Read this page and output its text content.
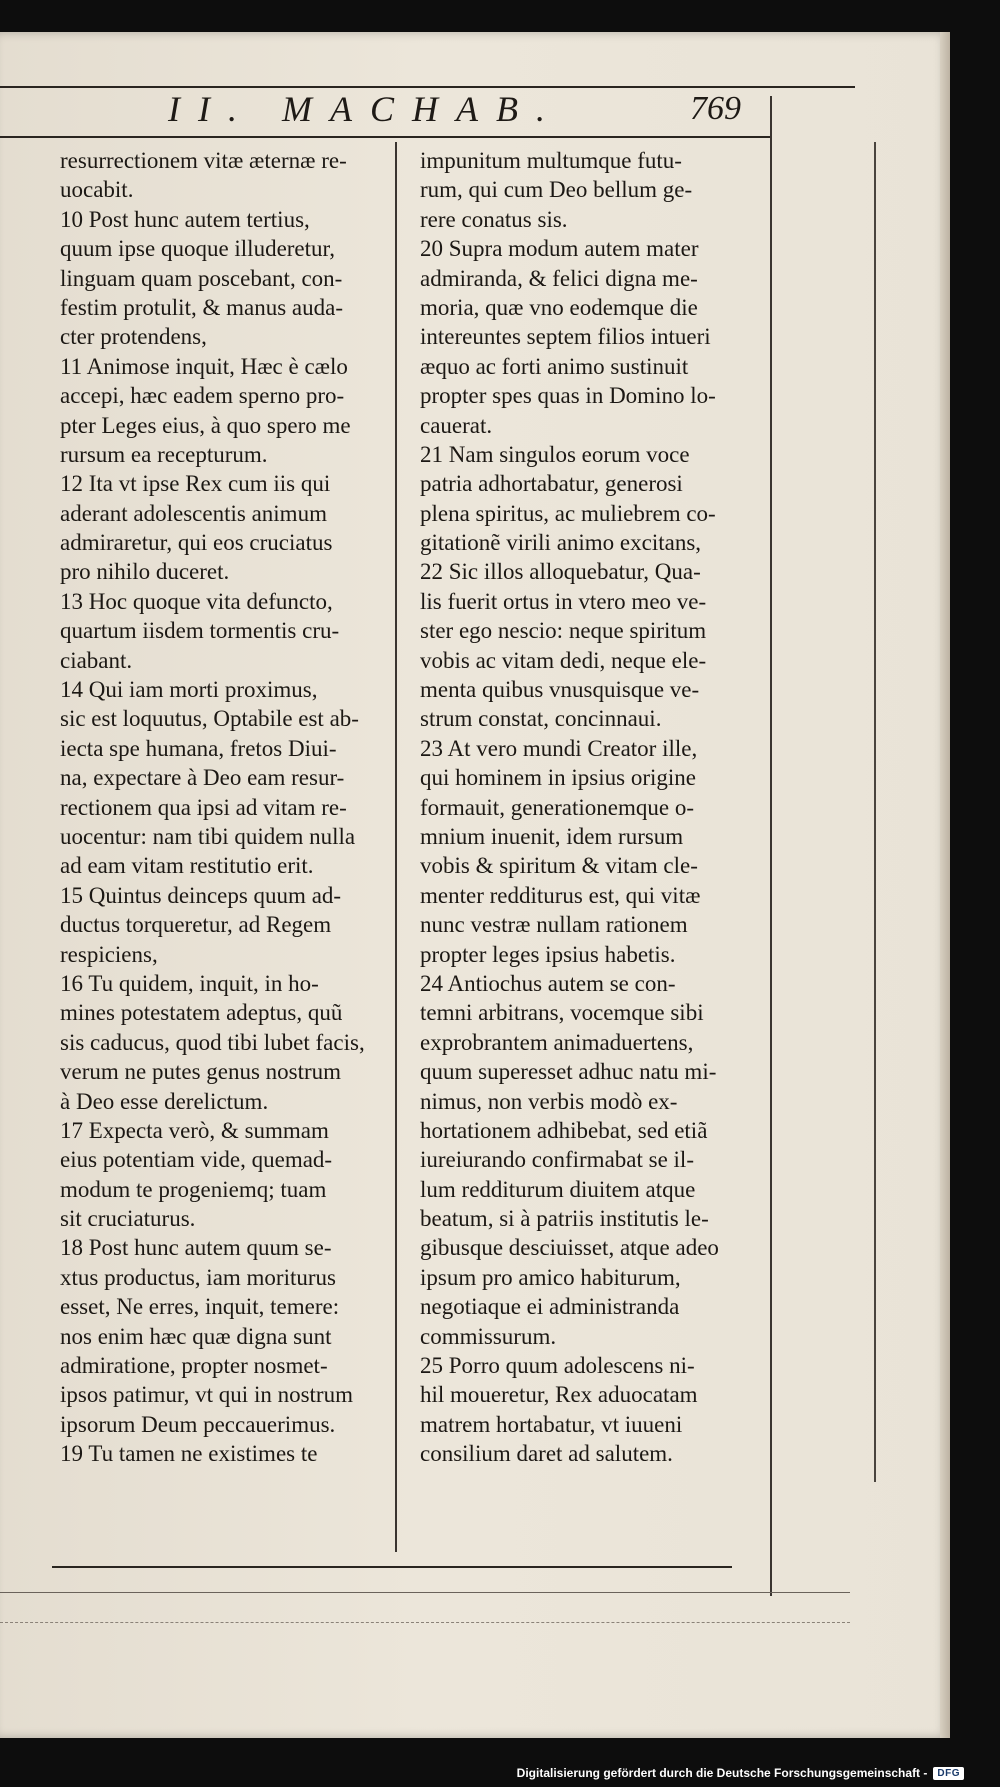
II. MACHAB.	769
resurrectionem vitæ æternæ re-
uocabit.
10 Post hunc autem tertius,
quum ipse quoque illuderetur,
linguam quam poscebant, con-
festim protulit, & manus auda-
cter protendens,
11 Animose inquit, Hæc è cælo
accepi, hæc eadem sperno pro-
pter Leges eius, à quo spero me
rursum ea recepturum.
12 Ita vt ipse Rex cum iis qui
aderant adolescentis animum
admiraretur, qui eos cruciatus
pro nihilo duceret.
13 Hoc quoque vita defuncto,
quartum iisdem tormentis cru-
ciabant.
14 Qui iam morti proximus,
sic est loquutus, Optabile est ab-
iecta spe humana, fretos Diui-
na, expectare à Deo eam resur-
rectionem qua ipsi ad vitam re-
uocentur: nam tibi quidem nulla
ad eam vitam restitutio erit.
15 Quintus deinceps quum ad-
ductus torqueretur, ad Regem
respiciens,
16 Tu quidem, inquit, in ho-
mines potestatem adeptus, quũ
sis caducus, quod tibi lubet facis,
verum ne putes genus nostrum
à Deo esse derelictum.
17 Expecta verò, & summam
eius potentiam vide, quemad-
modum te progeniemq; tuam
sit cruciaturus.
18 Post hunc autem quum se-
xtus productus, iam moriturus
esset, Ne erres, inquit, temere:
nos enim hæc quæ digna sunt
admiratione, propter nosmet-
ipsos patimur, vt qui in nostrum
ipsorum Deum peccauerimus.
19 Tu tamen ne existimes te
impunitum multumque futu-
rum, qui cum Deo bellum ge-
rere conatus sis.
20 Supra modum autem mater
admiranda, & felici digna me-
moria, quæ vno eodemque die
intereuntes septem filios intueri
æquo ac forti animo sustinuit
propter spes quas in Domino lo-
cauerat.
21 Nam singulos eorum voce
patria adhortabatur, generosi
plena spiritus, ac muliebrem co-
gitationẽ virili animo excitans,
22 Sic illos alloquebatur, Qua-
lis fuerit ortus in vtero meo ve-
ster ego nescio: neque spiritum
vobis ac vitam dedi, neque ele-
menta quibus vnusquisque ve-
strum constat, concinnaui.
23 At vero mundi Creator ille,
qui hominem in ipsius origine
formauit, generationemque o-
mnium inuenit, idem rursum
vobis & spiritum & vitam cle-
menter redditurus est, qui vitæ
nunc vestræ nullam rationem
propter leges ipsius habetis.
24 Antiochus autem se con-
temni arbitrans, vocemque sibi
exprobrantem animaduertens,
quum superesset adhuc natu mi-
nimus, non verbis modò ex-
hortationem adhibebat, sed etiã
iureiurando confirmabat se il-
lum redditurum diuitem atque
beatum, si à patriis institutis le-
gibusque desciuisset, atque adeo
ipsum pro amico habiturum,
negotiaque ei administranda
commissurum.
25 Porro quum adolescens ni-
hil moueretur, Rex aduocatam
matrem hortabatur, vt iuueni
consilium daret ad salutem.
Digitalisierung gefördert durch die Deutsche Forschungsgemeinschaft -	DFG
